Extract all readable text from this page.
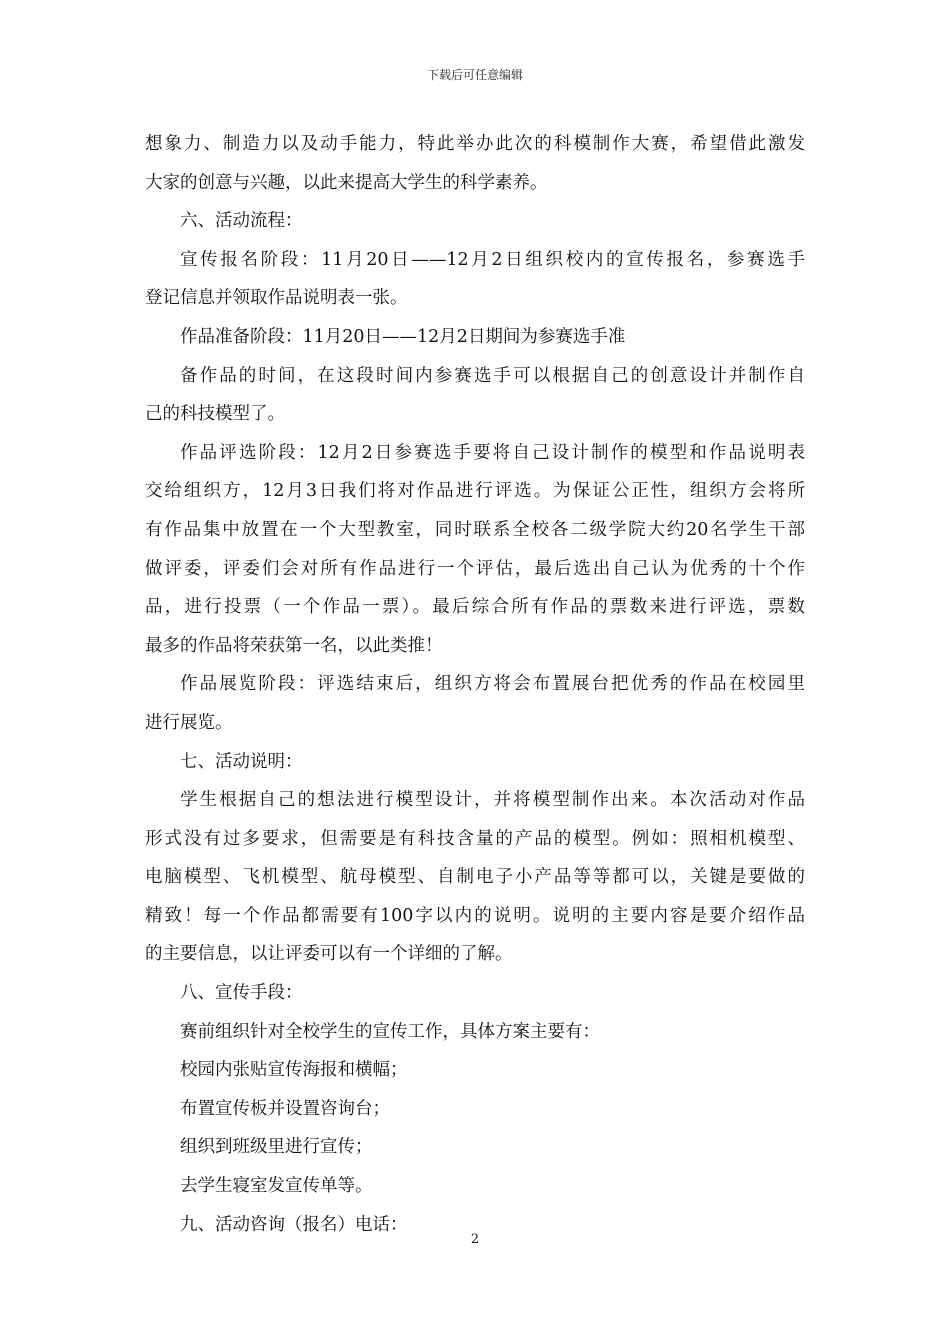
下载后可任意编辑
想象力、制造力以及动手能力，特此举办此次的科模制作大赛，希望借此激发
大家的创意与兴趣，以此来提高大学生的科学素养。
六、活动流程：
宣传报名阶段：11月20日——12月2日组织校内的宣传报名，参赛选手
登记信息并领取作品说明表一张。
作品准备阶段：11月20日——12月2日期间为参赛选手准
备作品的时间，在这段时间内参赛选手可以根据自己的创意设计并制作自
己的科技模型了。
作品评选阶段：12月2日参赛选手要将自己设计制作的模型和作品说明表
交给组织方，12月3日我们将对作品进行评选。为保证公正性，组织方会将所
有作品集中放置在一个大型教室，同时联系全校各二级学院大约20名学生干部
做评委，评委们会对所有作品进行一个评估，最后选出自己认为优秀的十个作
品，进行投票（一个作品一票）。最后综合所有作品的票数来进行评选，票数
最多的作品将荣获第一名，以此类推！
作品展览阶段：评选结束后，组织方将会布置展台把优秀的作品在校园里
进行展览。
七、活动说明：
学生根据自己的想法进行模型设计，并将模型制作出来。本次活动对作品
形式没有过多要求，但需要是有科技含量的产品的模型。例如：照相机模型、
电脑模型、飞机模型、航母模型、自制电子小产品等等都可以，关键是要做的
精致！每一个作品都需要有100字以内的说明。说明的主要内容是要介绍作品
的主要信息，以让评委可以有一个详细的了解。
八、宣传手段：
赛前组织针对全校学生的宣传工作，具体方案主要有：
校园内张贴宣传海报和横幅；
布置宣传板并设置咨询台；
组织到班级里进行宣传；
去学生寝室发宣传单等。
九、活动咨询（报名）电话：
2
